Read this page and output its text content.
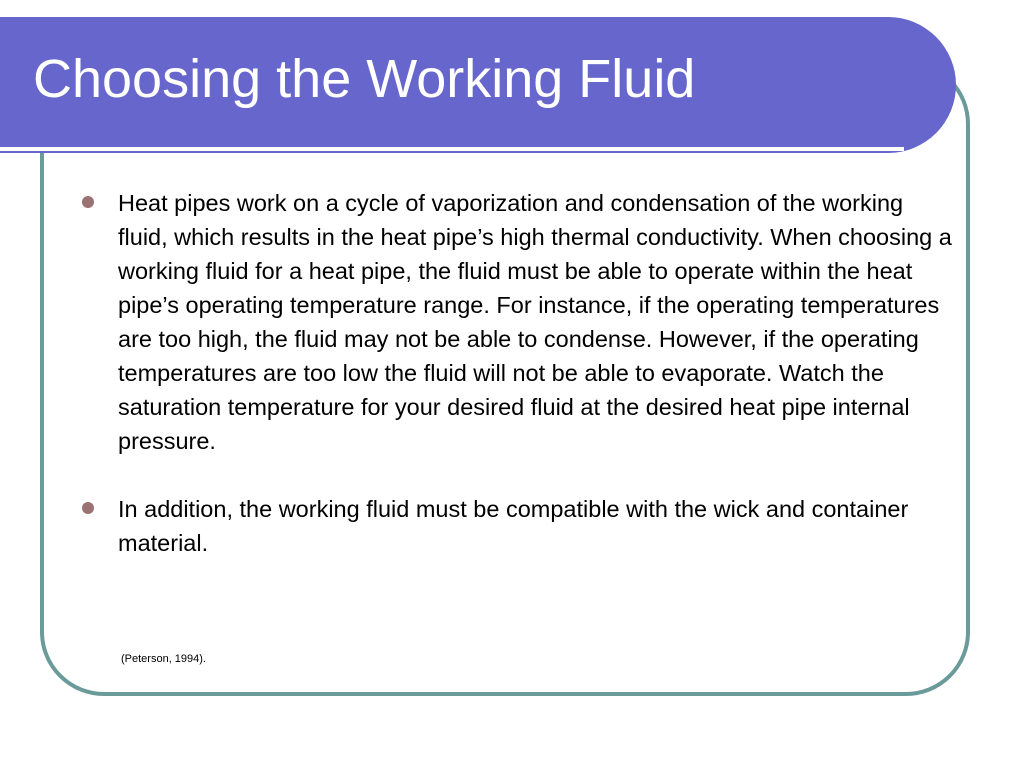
Choosing the Working Fluid
Heat pipes work on a cycle of vaporization and condensation of the working fluid, which results in the heat pipe’s high thermal conductivity. When choosing a working fluid for a heat pipe, the fluid must be able to operate within the heat pipe’s operating temperature range. For instance, if the operating temperatures are too high, the fluid may not be able to condense. However, if the operating temperatures are too low the fluid will not be able to evaporate. Watch the saturation temperature for your desired fluid at the desired heat pipe internal pressure.
In addition, the working fluid must be compatible with the wick and container material.

(Peterson, 1994).
